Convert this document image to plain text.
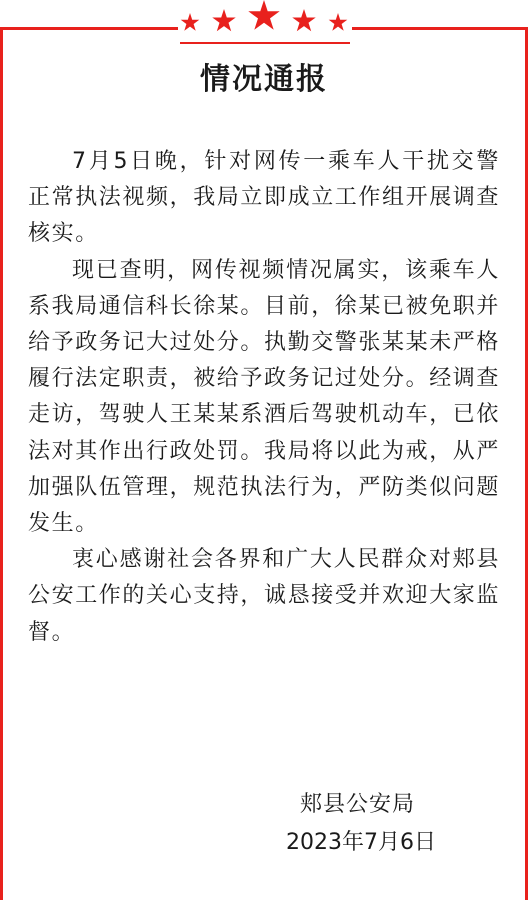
情况通报

7月5日晚，针对网传一乘车人干扰交警正常执法视频，我局立即成立工作组开展调查核实。

现已查明，网传视频情况属实，该乘车人系我局通信科长徐某。目前，徐某已被免职并给予政务记大过处分。执勤交警张某某未严格履行法定职责，被给予政务记过处分。经调查走访，驾驶人王某某系酒后驾驶机动车，已依法对其作出行政处罚。我局将以此为戒，从严加强队伍管理，规范执法行为，严防类似问题发生。

衷心感谢社会各界和广大人民群众对郏县公安工作的关心支持，诚恳接受并欢迎大家监督。

郏县公安局
2023年7月6日
